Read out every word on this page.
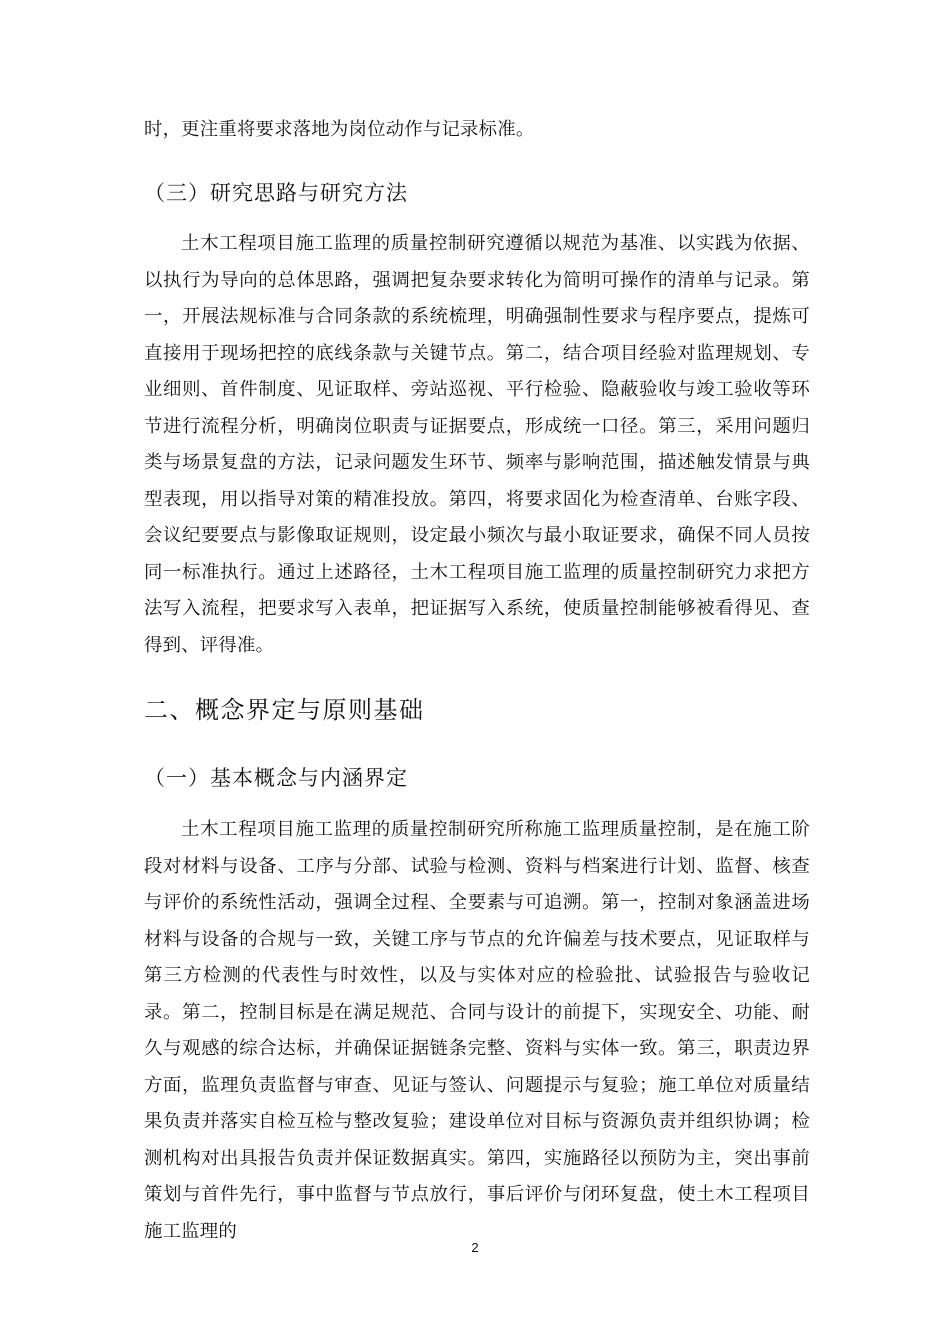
时，更注重将要求落地为岗位动作与记录标准。

（三）研究思路与研究方法

土木工程项目施工监理的质量控制研究遵循以规范为基准、以实践为依据、以执行为导向的总体思路，强调把复杂要求转化为简明可操作的清单与记录。第一，开展法规标准与合同条款的系统梳理，明确强制性要求与程序要点，提炼可直接用于现场把控的底线条款与关键节点。第二，结合项目经验对监理规划、专业细则、首件制度、见证取样、旁站巡视、平行检验、隐蔽验收与竣工验收等环节进行流程分析，明确岗位职责与证据要点，形成统一口径。第三，采用问题归类与场景复盘的方法，记录问题发生环节、频率与影响范围，描述触发情景与典型表现，用以指导对策的精准投放。第四，将要求固化为检查清单、台账字段、会议纪要要点与影像取证规则，设定最小频次与最小取证要求，确保不同人员按同一标准执行。通过上述路径，土木工程项目施工监理的质量控制研究力求把方法写入流程，把要求写入表单，把证据写入系统，使质量控制能够被看得见、查得到、评得准。

二、概念界定与原则基础
（一）基本概念与内涵界定

土木工程项目施工监理的质量控制研究所称施工监理质量控制，是在施工阶段对材料与设备、工序与分部、试验与检测、资料与档案进行计划、监督、核查与评价的系统性活动，强调全过程、全要素与可追溯。第一，控制对象涵盖进场材料与设备的合规与一致，关键工序与节点的允许偏差与技术要点，见证取样与第三方检测的代表性与时效性，以及与实体对应的检验批、试验报告与验收记录。第二，控制目标是在满足规范、合同与设计的前提下，实现安全、功能、耐久与观感的综合达标，并确保证据链条完整、资料与实体一致。第三，职责边界方面，监理负责监督与审查、见证与签认、问题提示与复验；施工单位对质量结果负责并落实自检互检与整改复验；建设单位对目标与资源负责并组织协调；检测机构对出具报告负责并保证数据真实。第四，实施路径以预防为主，突出事前策划与首件先行，事中监督与节点放行，事后评价与闭环复盘，使土木工程项目施工监理的

2
